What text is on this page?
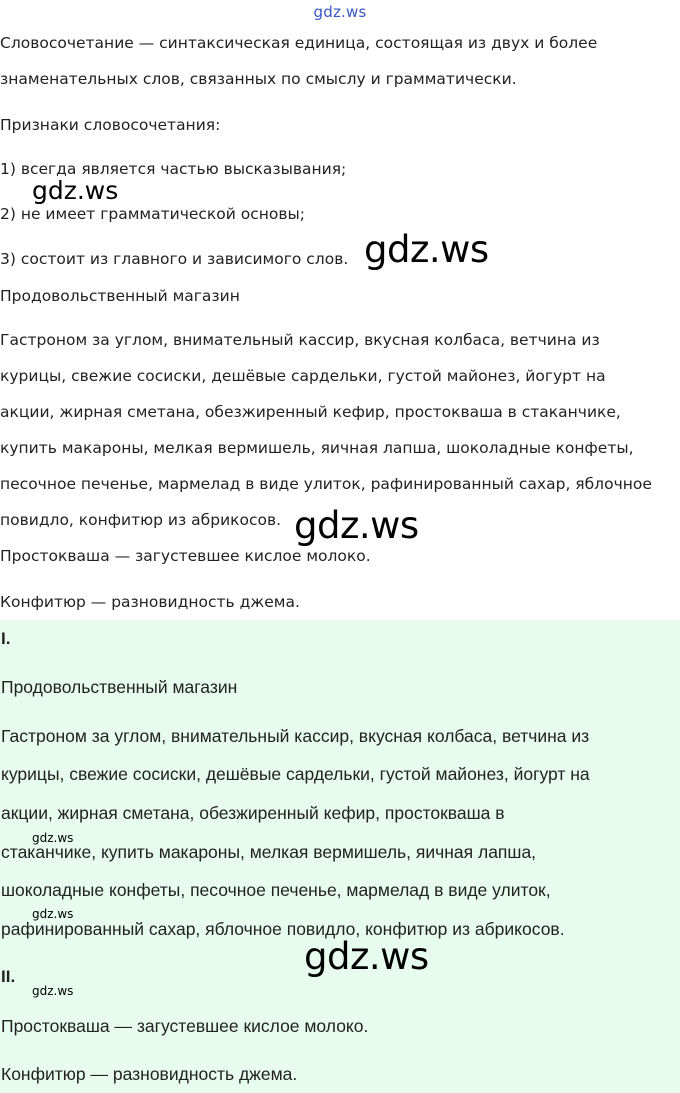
gdz.ws
Словосочетание — синтаксическая единица, состоящая из двух и более
знаменательных слов, связанных по смыслу и грамматически.
Признаки словосочетания:
1) всегда является частью высказывания;
2) не имеет грамматической основы;
3) состоит из главного и зависимого слов.
Продовольственный магазин
Гастроном за углом, внимательный кассир, вкусная колбаса, ветчина из
курицы, свежие сосиски, дешёвые сардельки, густой майонез, йогурт на
акции, жирная сметана, обезжиренный кефир, простокваша в стаканчике,
купить макароны, мелкая вермишель, яичная лапша, шоколадные конфеты,
песочное печенье, мармелад в виде улиток, рафинированный сахар, яблочное
повидло, конфитюр из абрикосов.
Простокваша — загустевшее кислое молоко.
Конфитюр — разновидность джема.
I.
Продовольственный магазин
Гастроном за углом, внимательный кассир, вкусная колбаса, ветчина из
курицы, свежие сосиски, дешёвые сардельки, густой майонез, йогурт на
акции, жирная сметана, обезжиренный кефир, простокваша в
стаканчике, купить макароны, мелкая вермишель, яичная лапша,
шоколадные конфеты, песочное печенье, мармелад в виде улиток,
рафинированный сахар, яблочное повидло, конфитюр из абрикосов.
II.
Простокваша — загустевшее кислое молоко.
Конфитюр — разновидность джема.
gdz.ws
gdz.ws
gdz.ws
gdz.ws
gdz.ws
gdz.ws
gdz.ws
